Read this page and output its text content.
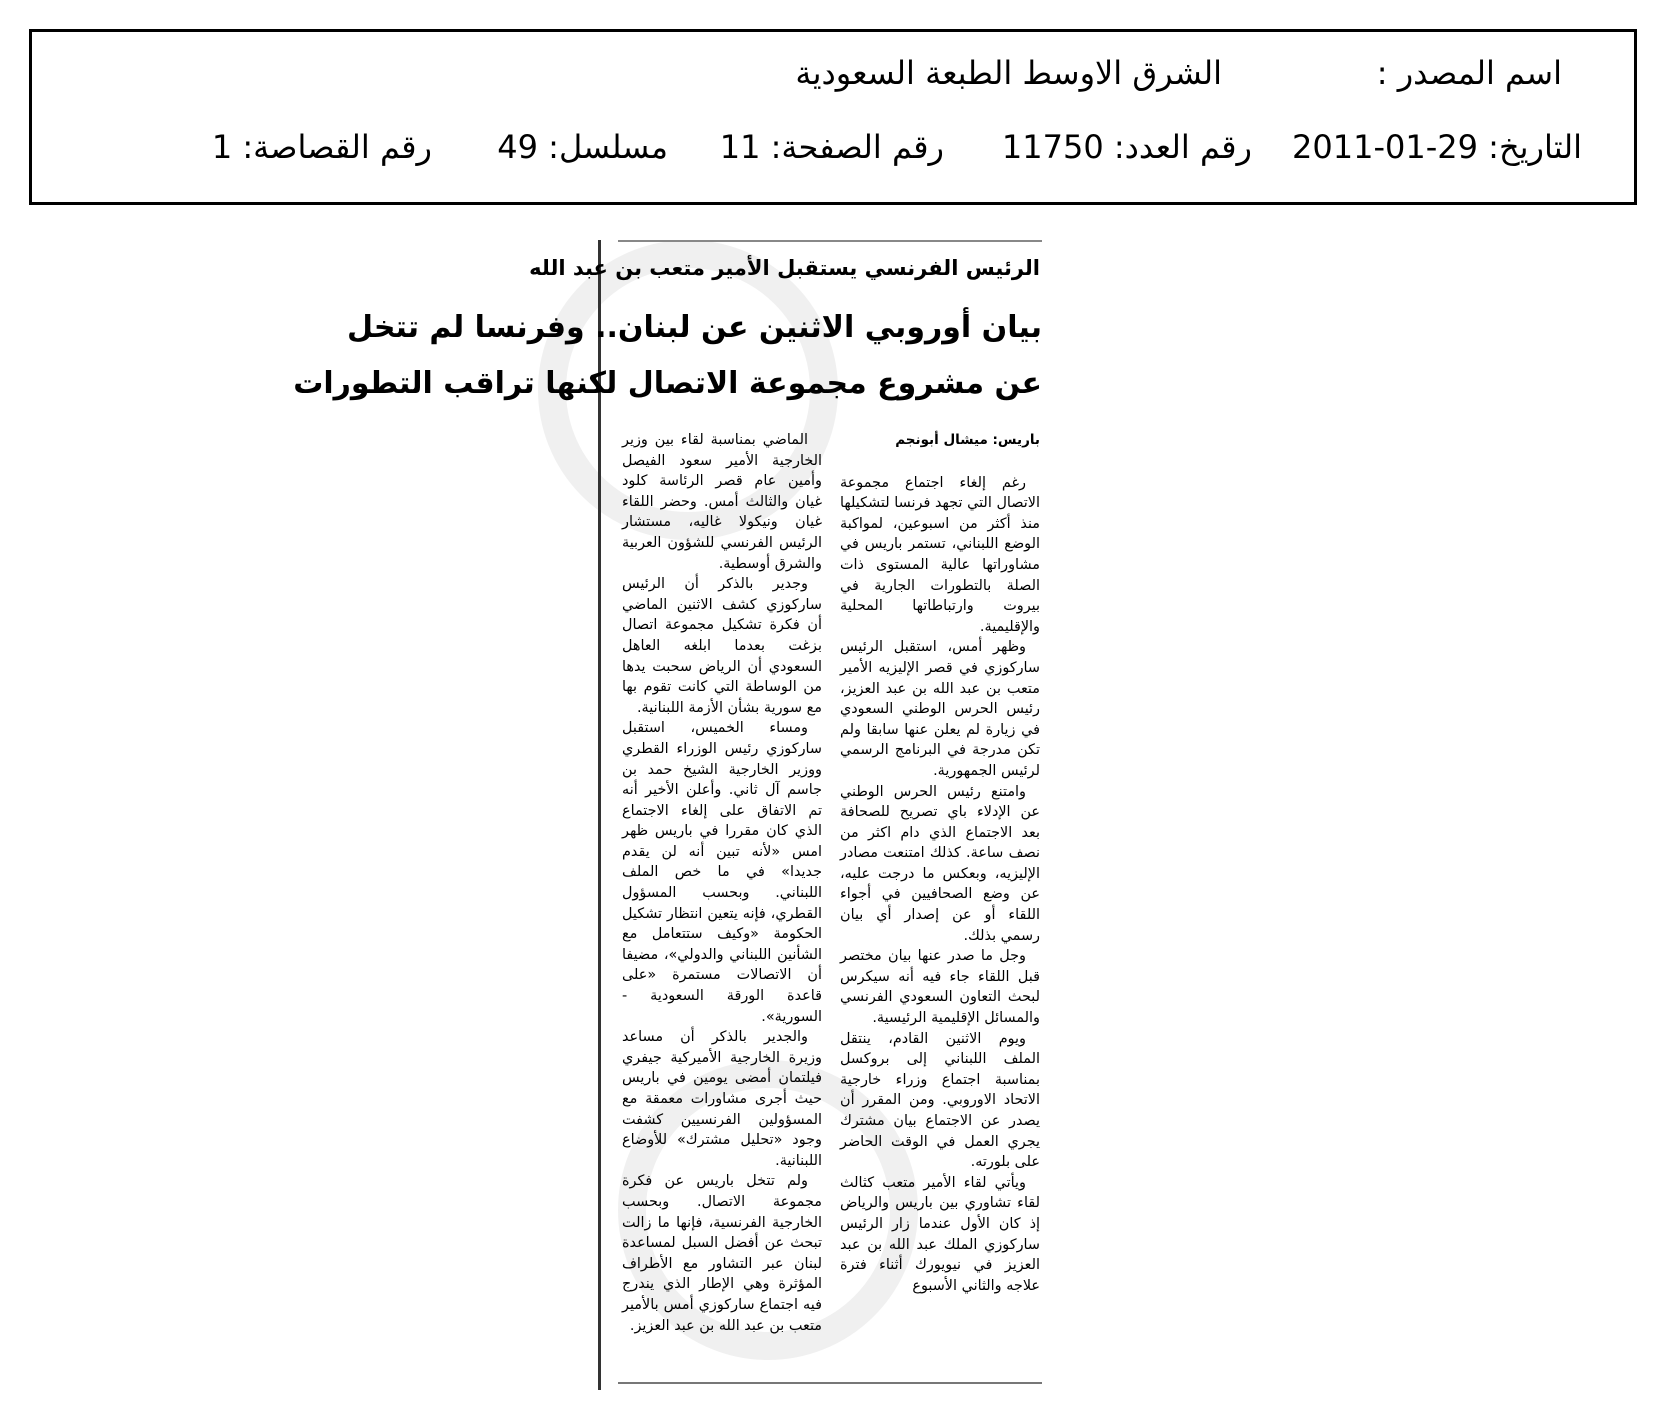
اسم المصدر :
الشرق الاوسط الطبعة السعودية
التاريخ: 29-01-2011
رقم العدد: 11750
رقم الصفحة: 11
مسلسل: 49
رقم القصاصة: 1
الرئيس الفرنسي يستقبل الأمير متعب بن عبد الله
بيان أوروبي الاثنين عن لبنان.. وفرنسا لم تتخل
عن مشروع مجموعة الاتصال لكنها تراقب التطورات

باريس: ميشال أبونجم

رغم إلغاء اجتماع مجموعة الاتصال التي تجهد فرنسا لتشكيلها منذ أكثر من اسبوعين، لمواكبة الوضع اللبناني، تستمر باريس في مشاوراتها عالية المستوى ذات الصلة بالتطورات الجارية في بيروت وارتباطاتها المحلية والإقليمية.

وظهر أمس، استقبل الرئيس ساركوزي في قصر الإليزيه الأمير متعب بن عبد الله بن عبد العزيز، رئيس الحرس الوطني السعودي في زيارة لم يعلن عنها سابقا ولم تكن مدرجة في البرنامج الرسمي لرئيس الجمهورية.

وامتنع رئيس الحرس الوطني عن الإدلاء باي تصريح للصحافة بعد الاجتماع الذي دام اكثر من نصف ساعة. كذلك امتنعت مصادر الإليزيه، وبعكس ما درجت عليه، عن وضع الصحافيين في أجواء اللقاء أو عن إصدار أي بيان رسمي بذلك.

وجل ما صدر عنها بيان مختصر قبل اللقاء جاء فيه أنه سيكرس لبحث التعاون السعودي الفرنسي والمسائل الإقليمية الرئيسية.

ويوم الاثنين القادم، ينتقل الملف اللبناني إلى بروكسل بمناسبة اجتماع وزراء خارجية الاتحاد الاوروبي. ومن المقرر أن يصدر عن الاجتماع بيان مشترك يجري العمل في الوقت الحاضر على بلورته.

ويأتي لقاء الأمير متعب كثالث لقاء تشاوري بين باريس والرياض إذ كان الأول عندما زار الرئيس ساركوزي الملك عبد الله بن عبد العزيز في نيويورك أثناء فترة علاجه والثاني الأسبوع

الماضي بمناسبة لقاء بين وزير الخارجية الأمير سعود الفيصل وأمين عام قصر الرئاسة كلود غيان والثالث أمس. وحضر اللقاء غيان ونيكولا غاليه، مستشار الرئيس الفرنسي للشؤون العربية والشرق أوسطية.

وجدير بالذكر أن الرئيس ساركوزي كشف الاثنين الماضي أن فكرة تشكيل مجموعة اتصال بزغت بعدما ابلغه العاهل السعودي أن الرياض سحبت يدها من الوساطة التي كانت تقوم بها مع سورية بشأن الأزمة اللبنانية.

ومساء الخميس، استقبل ساركوزي رئيس الوزراء القطري ووزير الخارجية الشيخ حمد بن جاسم آل ثاني. وأعلن الأخير أنه تم الاتفاق على إلغاء الاجتماع الذي كان مقررا في باريس ظهر امس «لأنه تبين أنه لن يقدم جديدا» في ما خص الملف اللبناني. وبحسب المسؤول القطري، فإنه يتعين انتظار تشكيل الحكومة «وكيف ستتعامل مع الشأنين اللبناني والدولي»، مضيفا أن الاتصالات مستمرة «على قاعدة الورقة السعودية - السورية».

والجدير بالذكر أن مساعد وزيرة الخارجية الأميركية جيفري فيلتمان أمضى يومين في باريس حيث أجرى مشاورات معمقة مع المسؤولين الفرنسيين كشفت وجود «تحليل مشترك» للأوضاع اللبنانية.

ولم تتخل باريس عن فكرة مجموعة الاتصال. وبحسب الخارجية الفرنسية، فإنها ما زالت تبحث عن أفضل السبل لمساعدة لبنان عبر التشاور مع الأطراف المؤثرة وهي الإطار الذي يندرج فيه اجتماع ساركوزي أمس بالأمير متعب بن عبد الله بن عبد العزيز.
